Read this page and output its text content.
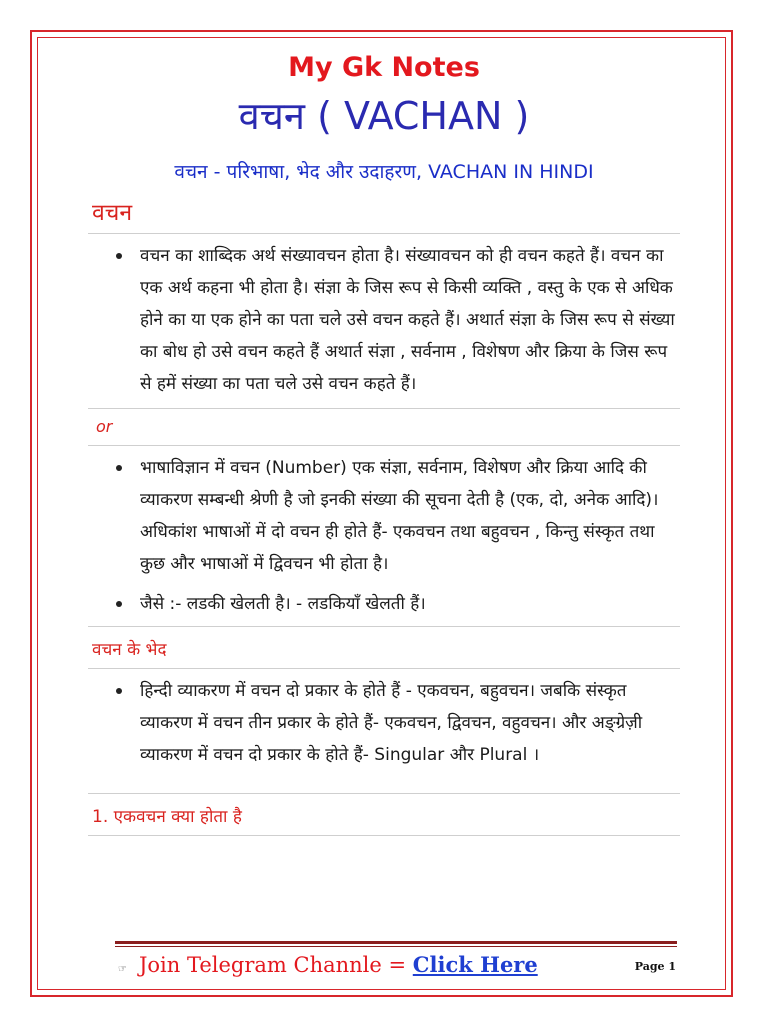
My Gk Notes
वचन ( VACHAN )
वचन - परिभाषा, भेद और उदाहरण, VACHAN IN HINDI
वचन
वचन का शाब्दिक अर्थ संख्यावचन होता है। संख्यावचन को ही वचन कहते हैं। वचन का एक अर्थ कहना भी होता है। संज्ञा के जिस रूप से किसी व्यक्ति , वस्तु के एक से अधिक होने का या एक होने का पता चले उसे वचन कहते हैं। अथार्त संज्ञा के जिस रूप से संख्या का बोध हो उसे वचन कहते हैं अथार्त संज्ञा , सर्वनाम , विशेषण और क्रिया के जिस रूप से हमें संख्या का पता चले उसे वचन कहते हैं।
or
भाषाविज्ञान में वचन (Number) एक संज्ञा, सर्वनाम, विशेषण और क्रिया आदि की व्याकरण सम्बन्धी श्रेणी है जो इनकी संख्या की सूचना देती है (एक, दो, अनेक आदि)। अधिकांश भाषाओं में दो वचन ही होते हैं- एकवचन तथा बहुवचन , किन्तु संस्कृत तथा कुछ और भाषाओं में द्विवचन भी होता है।
जैसे :- लडकी खेलती है। - लडकियाँ खेलती हैं।
वचन के भेद
हिन्दी व्याकरण में वचन दो प्रकार के होते हैं - एकवचन, बहुवचन। जबकि संस्कृत व्याकरण में वचन तीन प्रकार के होते हैं- एकवचन, द्विवचन, वहुवचन। और अङ्ग्रेज़ी व्याकरण में वचन दो प्रकार के होते हैं- Singular और Plural ।
1. एकवचन क्या होता है
☞ Join Telegram Channle = Click Here	Page 1
